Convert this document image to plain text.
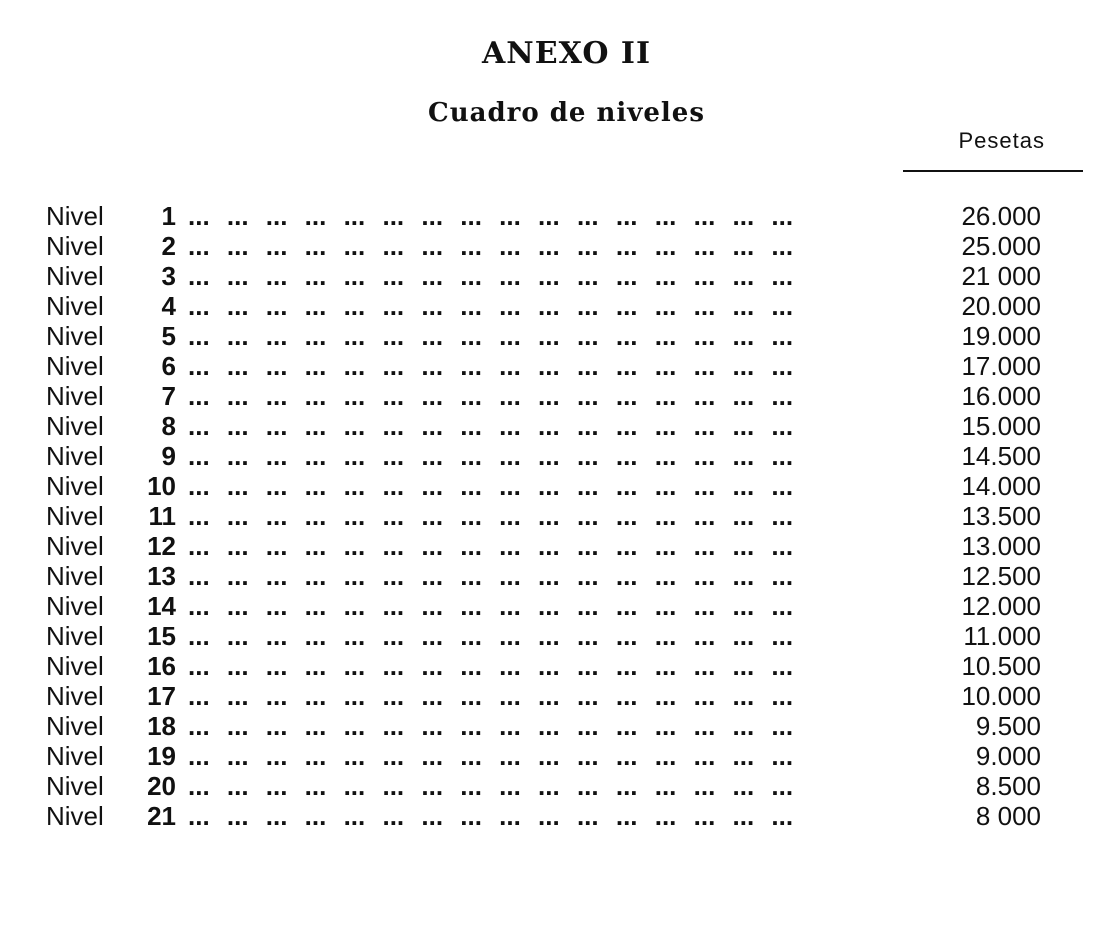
ANEXO II
Cuadro de niveles
Pesetas
Nivel	1 ... ... ... ... ... ... ... ... ... ... ... ... ... ... ... ...	26.000
Nivel	2 ... ... ... ... ... ... ... ... ... ... ... ... ... ... ... ...	25.000
Nivel	3 ... ... ... ... ... ... ... ... ... ... ... ... ... ... ... ...	21 000
Nivel	4 ... ... ... ... ... ... ... ... ... ... ... ... ... ... ... ...	20.000
Nivel	5 ... ... ... ... ... ... ... ... ... ... ... ... ... ... ... ...	19.000
Nivel	6 ... ... ... ... ... ... ... ... ... ... ... ... ... ... ... ...	17.000
Nivel	7 ... ... ... ... ... ... ... ... ... ... ... ... ... ... ... ...	16.000
Nivel	8 ... ... ... ... ... ... ... ... ... ... ... ... ... ... ... ...	15.000
Nivel	9 ... ... ... ... ... ... ... ... ... ... ... ... ... ... ... ...	14.500
Nivel	10 ... ... ... ... ... ... ... ... ... ... ... ... ... ... ... ...	14.000
Nivel	11 ... ... ... ... ... ... ... ... ... ... ... ... ... ... ... ...	13.500
Nivel	12 ... ... ... ... ... ... ... ... ... ... ... ... ... ... ... ...	13.000
Nivel	13 ... ... ... ... ... ... ... ... ... ... ... ... ... ... ... ...	12.500
Nivel	14 ... ... ... ... ... ... ... ... ... ... ... ... ... ... ... ...	12.000
Nivel	15 ... ... ... ... ... ... ... ... ... ... ... ... ... ... ... ...	11.000
Nivel	16 ... ... ... ... ... ... ... ... ... ... ... ... ... ... ... ...	10.500
Nivel	17 ... ... ... ... ... ... ... ... ... ... ... ... ... ... ... ...	10.000
Nivel	18 ... ... ... ... ... ... ... ... ... ... ... ... ... ... ... ...	9.500
Nivel	19 ... ... ... ... ... ... ... ... ... ... ... ... ... ... ... ...	9.000
Nivel	20 ... ... ... ... ... ... ... ... ... ... ... ... ... ... ... ...	8.500
Nivel	21 ... ... ... ... ... ... ... ... ... ... ... ... ... ... ... ...	8 000
